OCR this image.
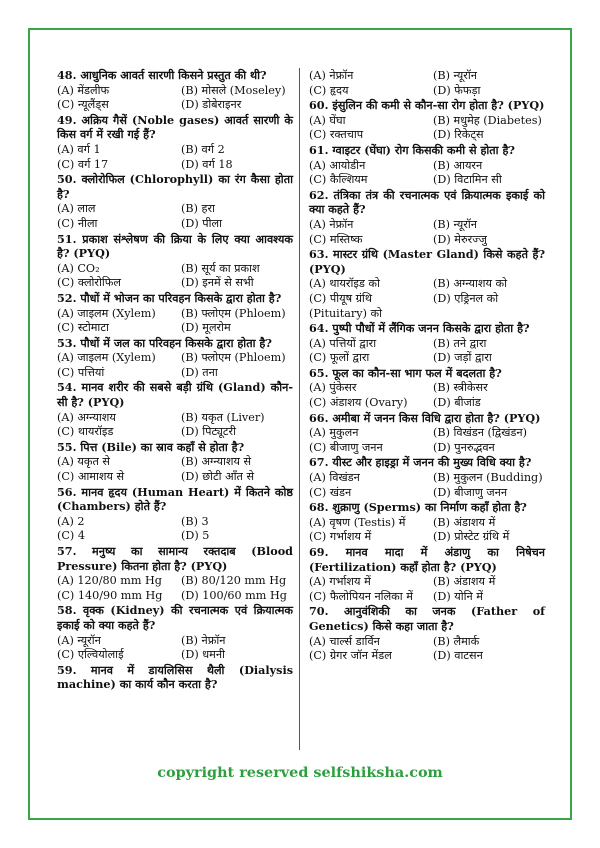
48. आधुनिक आवर्त सारणी किसने प्रस्तुत की थी?
(A) मेंडलीफ	(B) मोसले (Moseley)
(C) न्यूलैंड्स	(D) डोबेराइनर
49. अक्रिय गैसें (Noble gases) आवर्त सारणी के किस वर्ग में रखी गई हैं?
(A) वर्ग 1	(B) वर्ग 2
(C) वर्ग 17	(D) वर्ग 18
50. क्लोरोफिल (Chlorophyll) का रंग कैसा होता है?
(A) लाल	(B) हरा
(C) नीला	(D) पीला
51. प्रकाश संश्लेषण की क्रिया के लिए क्या आवश्यक है? (PYQ)
(A) CO₂	(B) सूर्य का प्रकाश
(C) क्लोरोफिल	(D) इनमें से सभी
52. पौधों में भोजन का परिवहन किसके द्वारा होता है?
(A) जाइलम (Xylem)	(B) फ्लोएम (Phloem)
(C) स्टोमाटा	(D) मूलरोम
53. पौधों में जल का परिवहन किसके द्वारा होता है?
(A) जाइलम (Xylem)	(B) फ्लोएम (Phloem)
(C) पत्तियां	(D) तना
54. मानव शरीर की सबसे बड़ी ग्रंथि (Gland) कौन-सी है? (PYQ)
(A) अग्न्याशय	(B) यकृत (Liver)
(C) थायरॉइड	(D) पिट्यूटरी
55. पित्त (Bile) का स्राव कहाँ से होता है?
(A) यकृत से	(B) अग्न्याशय से
(C) आमाशय से	(D) छोटी आँत से
56. मानव हृदय (Human Heart) में कितने कोष्ठ (Chambers) होते हैं?
(A) 2	(B) 3
(C) 4	(D) 5
57. मनुष्य का सामान्य रक्तदाब (Blood Pressure) कितना होता है? (PYQ)
(A) 120/80 mm Hg	(B) 80/120 mm Hg
(C) 140/90 mm Hg	(D) 100/60 mm Hg
58. वृक्क (Kidney) की रचनात्मक एवं क्रियात्मक इकाई को क्या कहते हैं?
(A) न्यूरॉन	(B) नेफ्रॉन
(C) एल्वियोलाई	(D) धमनी
59. मानव में डायलिसिस थैली (Dialysis machine) का कार्य कौन करता है?
(A) नेफ्रॉन	(B) न्यूरॉन
(C) हृदय	(D) फेफड़ा
60. इंसुलिन की कमी से कौन-सा रोग होता है? (PYQ)
(A) घेंघा	(B) मधुमेह (Diabetes)
(C) रक्तचाप	(D) रिकेट्स
61. ग्वाइटर (घेंघा) रोग किसकी कमी से होता है?
(A) आयोडीन	(B) आयरन
(C) कैल्शियम	(D) विटामिन सी
62. तंत्रिका तंत्र की रचनात्मक एवं क्रियात्मक इकाई को क्या कहते हैं?
(A) नेफ्रॉन	(B) न्यूरॉन
(C) मस्तिष्क	(D) मेरुरज्जु
63. मास्टर ग्रंथि (Master Gland) किसे कहते हैं? (PYQ)
(A) थायरॉइड को	(B) अग्न्याशय को
(C) पीयूष ग्रंथि (Pituitary) को
(D) एड्रिनल को
64. पुष्पी पौधों में लैंगिक जनन किसके द्वारा होता है?
(A) पत्तियों द्वारा	(B) तने द्वारा
(C) फूलों द्वारा	(D) जड़ों द्वारा
65. फूल का कौन-सा भाग फल में बदलता है?
(A) पुंकेसर	(B) स्त्रीकेसर
(C) अंडाशय (Ovary)	(D) बीजांड
66. अमीबा में जनन किस विधि द्वारा होता है? (PYQ)
(A) मुकुलन	(B) विखंडन (द्विखंडन)
(C) बीजाणु जनन	(D) पुनरुद्भवन
67. यीस्ट और हाइड्रा में जनन की मुख्य विधि क्या है?
(A) विखंडन	(B) मुकुलन (Budding)
(C) खंडन	(D) बीजाणु जनन
68. शुक्राणु (Sperms) का निर्माण कहाँ होता है?
(A) वृषण (Testis) में	(B) अंडाशय में
(C) गर्भाशय में	(D) प्रोस्टेट ग्रंथि में
69. मानव मादा में अंडाणु का निषेचन (Fertilization) कहाँ होता है? (PYQ)
(A) गर्भाशय में	(B) अंडाशय में
(C) फैलोपियन नलिका में	(D) योनि में
70. आनुवंशिकी का जनक (Father of Genetics) किसे कहा जाता है?
(A) चार्ल्स डार्विन	(B) लैमार्क
(C) ग्रेगर जॉन मेंडल	(D) वाटसन
copyright reserved selfshiksha.com
